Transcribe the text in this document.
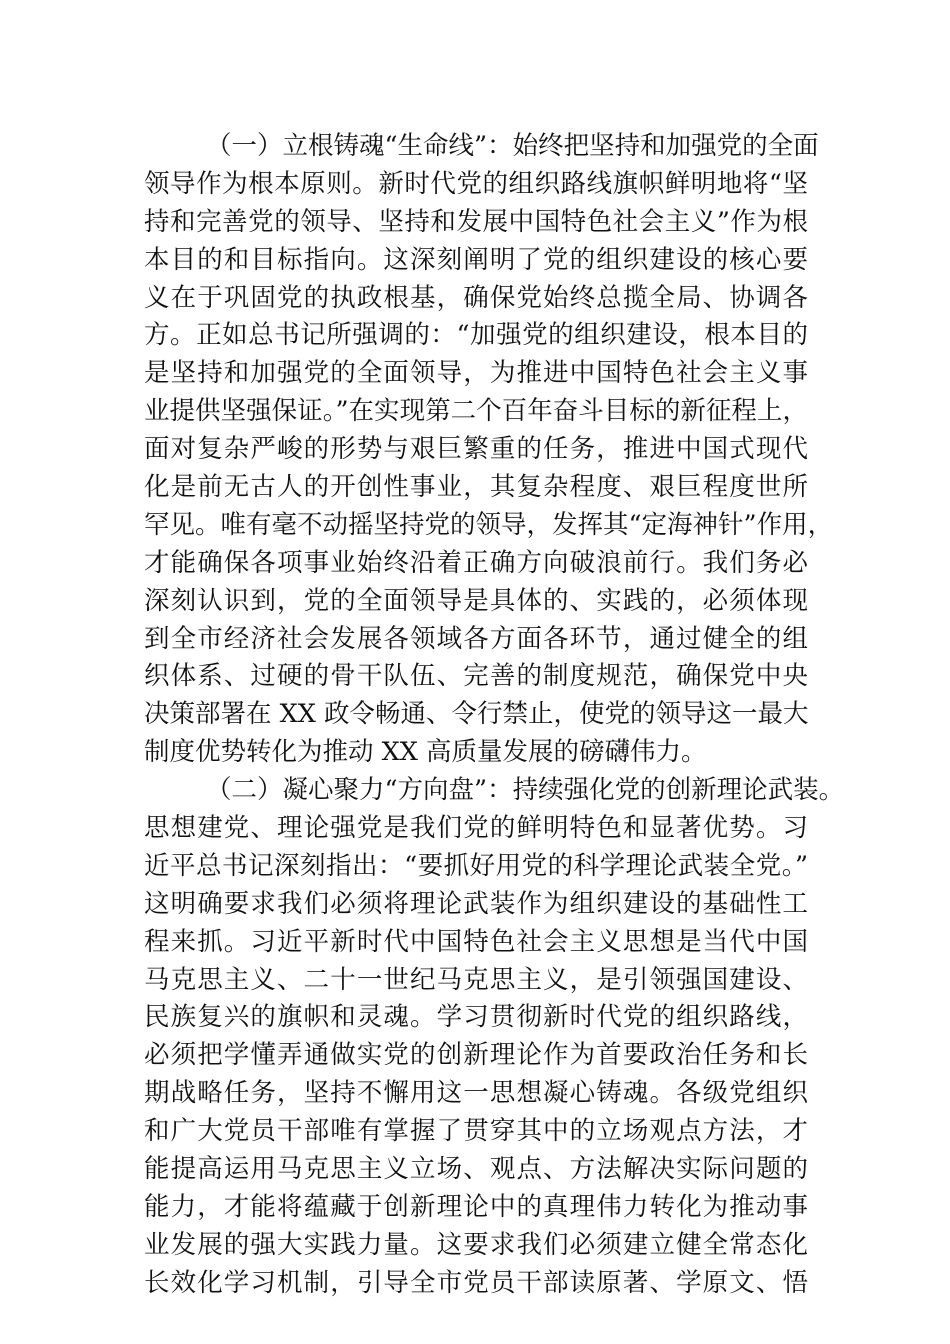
（一）立根铸魂“生命线”：始终把坚持和加强党的全面
领导作为根本原则。新时代党的组织路线旗帜鲜明地将“坚
持和完善党的领导、坚持和发展中国特色社会主义”作为根
本目的和目标指向。这深刻阐明了党的组织建设的核心要
义在于巩固党的执政根基，确保党始终总揽全局、协调各
方。正如总书记所强调的：“加强党的组织建设，根本目的
是坚持和加强党的全面领导，为推进中国特色社会主义事
业提供坚强保证。”在实现第二个百年奋斗目标的新征程上，
面对复杂严峻的形势与艰巨繁重的任务，推进中国式现代
化是前无古人的开创性事业，其复杂程度、艰巨程度世所
罕见。唯有毫不动摇坚持党的领导，发挥其“定海神针”作用，
才能确保各项事业始终沿着正确方向破浪前行。我们务必
深刻认识到，党的全面领导是具体的、实践的，必须体现
到全市经济社会发展各领域各方面各环节，通过健全的组
织体系、过硬的骨干队伍、完善的制度规范，确保党中央
决策部署在 XX 政令畅通、令行禁止，使党的领导这一最大
制度优势转化为推动 XX 高质量发展的磅礴伟力。
（二）凝心聚力“方向盘”：持续强化党的创新理论武装。
思想建党、理论强党是我们党的鲜明特色和显著优势。习
近平总书记深刻指出：“要抓好用党的科学理论武装全党。”
这明确要求我们必须将理论武装作为组织建设的基础性工
程来抓。习近平新时代中国特色社会主义思想是当代中国
马克思主义、二十一世纪马克思主义，是引领强国建设、
民族复兴的旗帜和灵魂。学习贯彻新时代党的组织路线，
必须把学懂弄通做实党的创新理论作为首要政治任务和长
期战略任务，坚持不懈用这一思想凝心铸魂。各级党组织
和广大党员干部唯有掌握了贯穿其中的立场观点方法，才
能提高运用马克思主义立场、观点、方法解决实际问题的
能力，才能将蕴藏于创新理论中的真理伟力转化为推动事
业发展的强大实践力量。这要求我们必须建立健全常态化
长效化学习机制，引导全市党员干部读原著、学原文、悟
